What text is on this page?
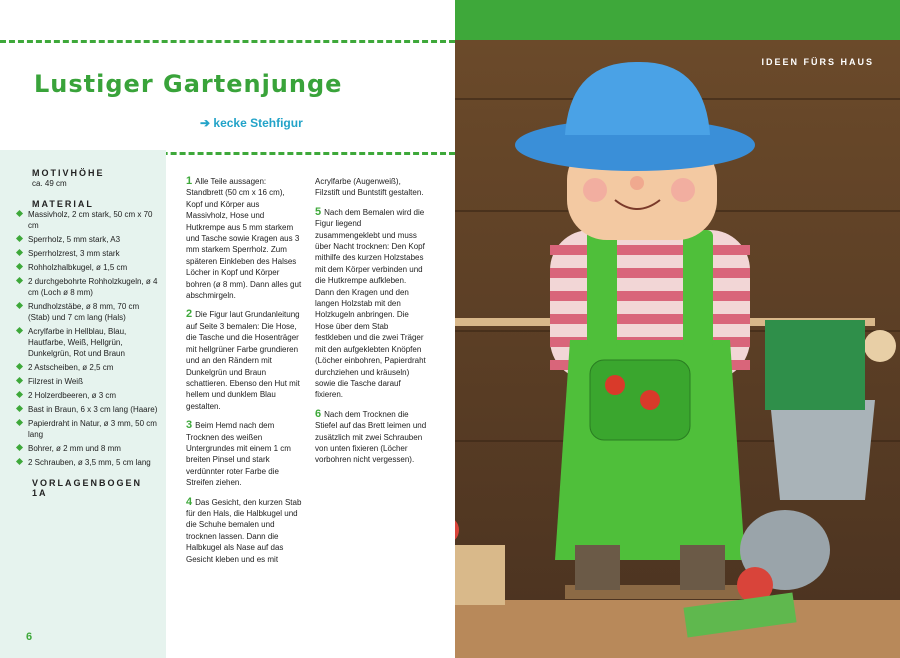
Lustiger Gartenjunge
➔ kecke Stehfigur
MOTIVHÖHE
ca. 49 cm
MATERIAL
Massivholz, 2 cm stark, 50 cm x 70 cm
Sperrholz, 5 mm stark, A3
Sperrholzrest, 3 mm stark
Rohholzhalbkugel, ø 1,5 cm
2 durchgebohrte Rohholzkugeln, ø 4 cm (Loch ø 8 mm)
Rundholzstäbe, ø 8 mm, 70 cm (Stab) und 7 cm lang (Hals)
Acrylfarbe in Hellblau, Blau, Hautfarbe, Weiß, Hellgrün, Dunkelgrün, Rot und Braun
2 Astscheiben, ø 2,5 cm
Filzrest in Weiß
2 Holzerdbeeren, ø 3 cm
Bast in Braun, 6 x 3 cm lang (Haare)
Papierdraht in Natur, ø 3 mm, 50 cm lang
Bohrer, ø 2 mm und 8 mm
2 Schrauben, ø 3,5 mm, 5 cm lang
VORLAGENBOGEN 1A
1 Alle Teile aussagen: Standbrett (50 cm x 16 cm), Kopf und Körper aus Massivholz, Hose und Hutkrempe aus 5 mm starkem und Tasche sowie Kragen aus 3 mm starkem Sperrholz. Zum späteren Einkleben des Halses Löcher in Kopf und Körper bohren (ø 8 mm). Dann alles gut abschmirgeln.
2 Die Figur laut Grundanleitung auf Seite 3 bemalen: Die Hose, die Tasche und die Hosenträger mit hellgrüner Farbe grundieren und an den Rändern mit Dunkelgrün und Braun schattieren. Ebenso den Hut mit hellem und dunklem Blau gestalten.
3 Beim Hemd nach dem Trocknen des weißen Untergrundes mit einem 1 cm breiten Pinsel und stark verdünnter roter Farbe die Streifen ziehen.
4 Das Gesicht, den kurzen Stab für den Hals, die Halbkugel und die Schuhe bemalen und trocknen lassen. Dann die Halbkugel als Nase auf das Gesicht kleben und es mit
Acrylfarbe (Augenweiß), Filzstift und Buntstift gestalten.
5 Nach dem Bemalen wird die Figur liegend zusammengeklebt und muss über Nacht trocknen: Den Kopf mithilfe des kurzen Holzstabes mit dem Körper verbinden und die Hutkrempe aufkleben. Dann den Kragen und den langen Holzstab mit den Holzkugeln anbringen. Die Hose über dem Stab festkleben und die zwei Träger mit den aufgeklebten Knöpfen (Löcher einbohren, Papierdraht durchziehen und kräuseln) sowie die Tasche darauf fixieren.
6 Nach dem Trocknen die Stiefel auf das Brett leimen und zusätzlich mit zwei Schrauben von unten fixieren (Löcher vorbohren nicht vergessen).
6
IDEEN FÜRS HAUS
